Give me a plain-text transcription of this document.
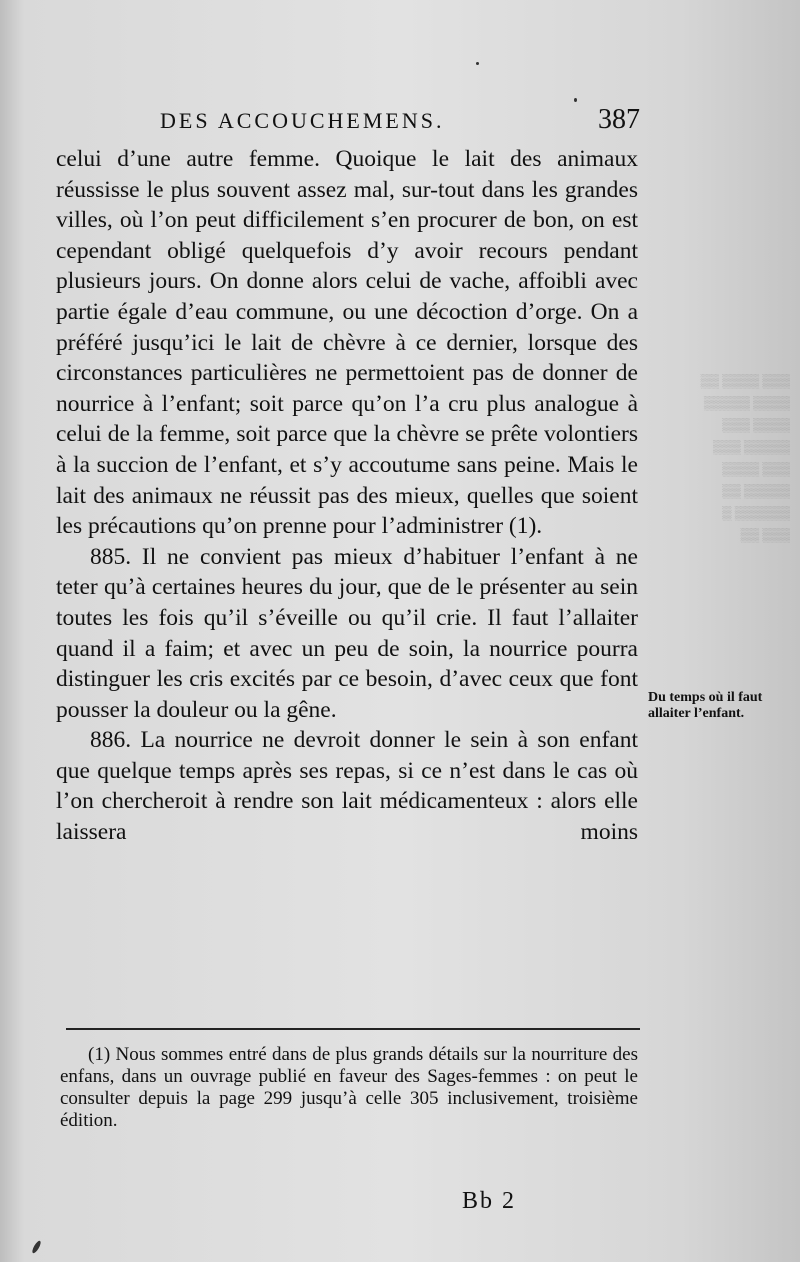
▒▒▒ ▒▒▒▒ ▒▒
▒▒▒▒ ▒▒▒▒▒
▒▒▒▒ ▒▒▒
▒▒▒▒▒ ▒▒▒
▒▒▒ ▒▒▒▒
▒▒▒▒▒ ▒▒
▒▒▒▒▒▒ ▒
▒▒▒ ▒▒
DES ACCOUCHEMENS.	387

celui d’une autre femme. Quoique le lait des animaux réussisse le plus souvent assez mal, sur-tout dans les grandes villes, où l’on peut difficilement s’en procurer de bon, on est cependant obligé quelquefois d’y avoir recours pendant plusieurs jours. On donne alors celui de vache, affoibli avec partie égale d’eau commune, ou une décoction d’orge. On a préféré jusqu’ici le lait de chèvre à ce dernier, lorsque des circonstances particulières ne permettoient pas de donner de nourrice à l’enfant; soit parce qu’on l’a cru plus analogue à celui de la femme, soit parce que la chèvre se prête volontiers à la succion de l’enfant, et s’y accoutume sans peine. Mais le lait des animaux ne réussit pas des mieux, quelles que soient les précautions qu’on prenne pour l’administrer (1).

885. Il ne convient pas mieux d’habituer l’enfant à ne teter qu’à certaines heures du jour, que de le présenter au sein toutes les fois qu’il s’éveille ou qu’il crie. Il faut l’allaiter quand il a faim; et avec un peu de soin, la nourrice pourra distinguer les cris excités par ce besoin, d’avec ceux que font pousser la douleur ou la gêne.

886. La nourrice ne devroit donner le sein à son enfant que quelque temps après ses repas, si ce n’est dans le cas où l’on chercheroit à rendre son lait médicamenteux : alors elle laissera moins

Du temps où il faut allaiter l’enfant.

(1) Nous sommes entré dans de plus grands détails sur la nourriture des enfans, dans un ouvrage publié en faveur des Sages-femmes : on peut le consulter depuis la page 299 jusqu’à celle 305 inclusivement, troisième édition.

Bb 2
